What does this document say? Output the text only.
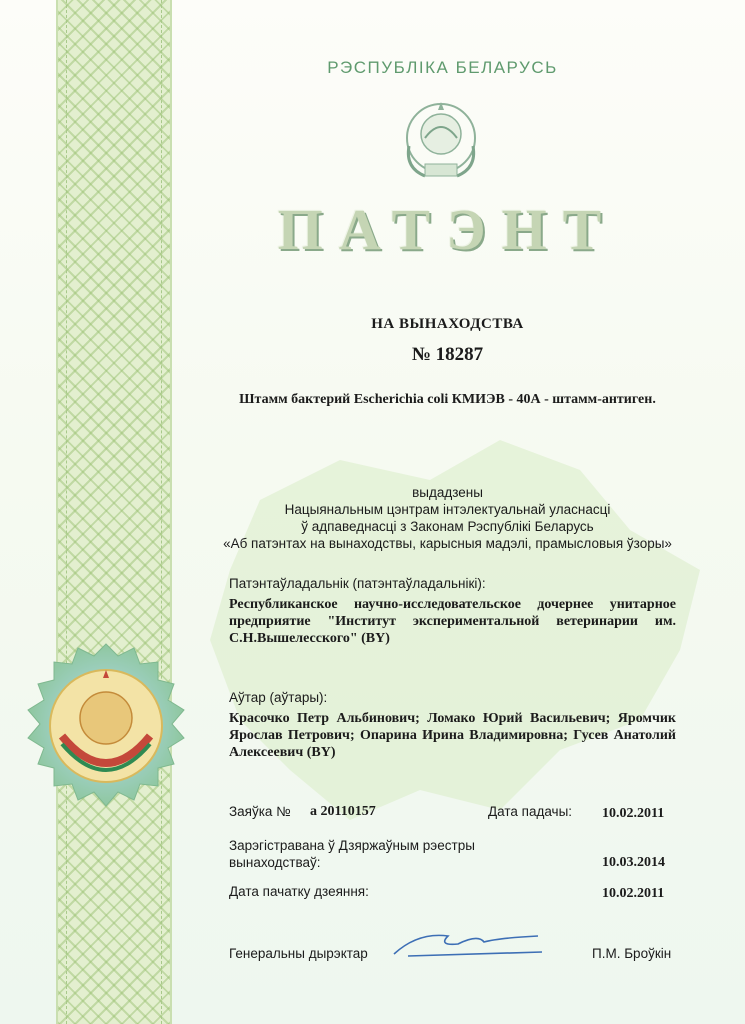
РЭСПУБЛІКА БЕЛАРУСЬ
ПАТЭНТ
НА ВЫНАХОДСТВА
№ 18287
Штамм бактерий Escherichia coli КМИЭВ - 40А - штамм-антиген.
выдадзены
Нацыянальным цэнтрам інтэлектуальнай уласнасці
ў адпаведнасці з Законам Рэспублікі Беларусь
«Аб патэнтах на вынаходствы, карысныя мадэлі, прамысловыя ўзоры»
Патэнтаўладальнік (патэнтаўладальнікі):
Республиканское научно-исследовательское дочернее унитарное предприятие "Институт экспериментальной ветеринарии им. С.Н.Вышелесского" (BY)
Аўтар (аўтары):
Красочко Петр Альбинович; Ломако Юрий Васильевич; Яромчик Ярослав Петрович; Опарина Ирина Владимировна; Гусев Анатолий Алексеевич (BY)
Заяўка № а 20110157	Дата падачы: 10.02.2011
Зарэгістравана ў Дзяржаўным рэестры
вынаходстваў:	10.03.2014
Дата пачатку дзеяння:	10.02.2011
Генеральны дырэктар	П.М. Броўкін
